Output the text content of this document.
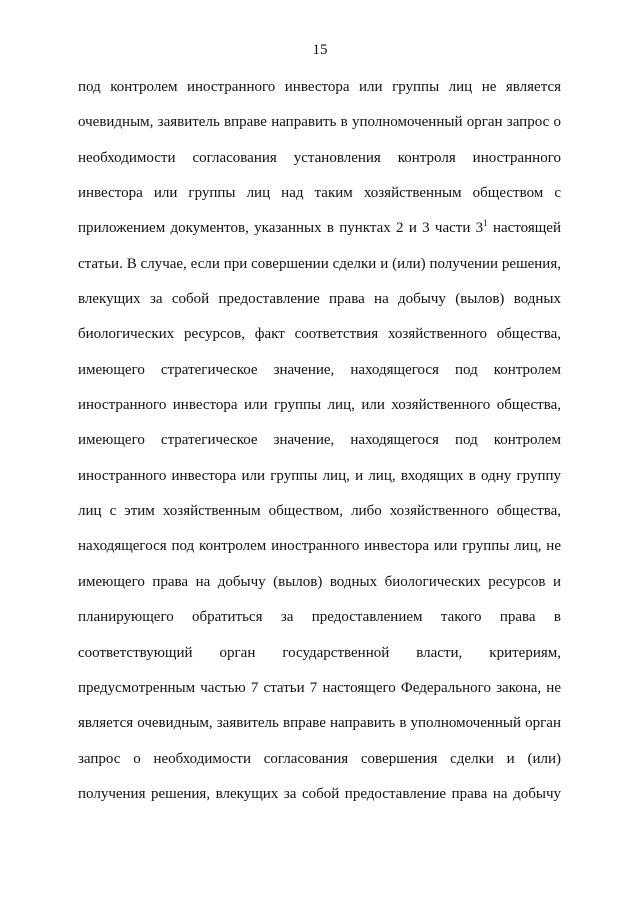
15
под контролем иностранного инвестора или группы лиц не является
очевидным, заявитель вправе направить в уполномоченный орган запрос о
необходимости согласования установления контроля иностранного
инвестора или группы лиц над таким хозяйственным обществом с
приложением документов, указанных в пунктах 2 и 3 части $3^1$ настоящей
статьи. В случае, если при совершении сделки и (или) получении решения,
влекущих за собой предоставление права на добычу (вылов) водных
биологических ресурсов, факт соответствия хозяйственного общества,
имеющего стратегическое значение, находящегося под контролем
иностранного инвестора или группы лиц, или хозяйственного общества,
имеющего стратегическое значение, находящегося под контролем
иностранного инвестора или группы лиц, и лиц, входящих в одну группу
лиц с этим хозяйственным обществом, либо хозяйственного общества,
находящегося под контролем иностранного инвестора или группы лиц, не
имеющего права на добычу (вылов) водных биологических ресурсов и
планирующего обратиться за предоставлением такого права в
соответствующий орган государственной власти, критериям,
предусмотренным частью 7 статьи 7 настоящего Федерального закона, не
является очевидным, заявитель вправе направить в уполномоченный орган
запрос о необходимости согласования совершения сделки и (или)
получения решения, влекущих за собой предоставление права на добычу
